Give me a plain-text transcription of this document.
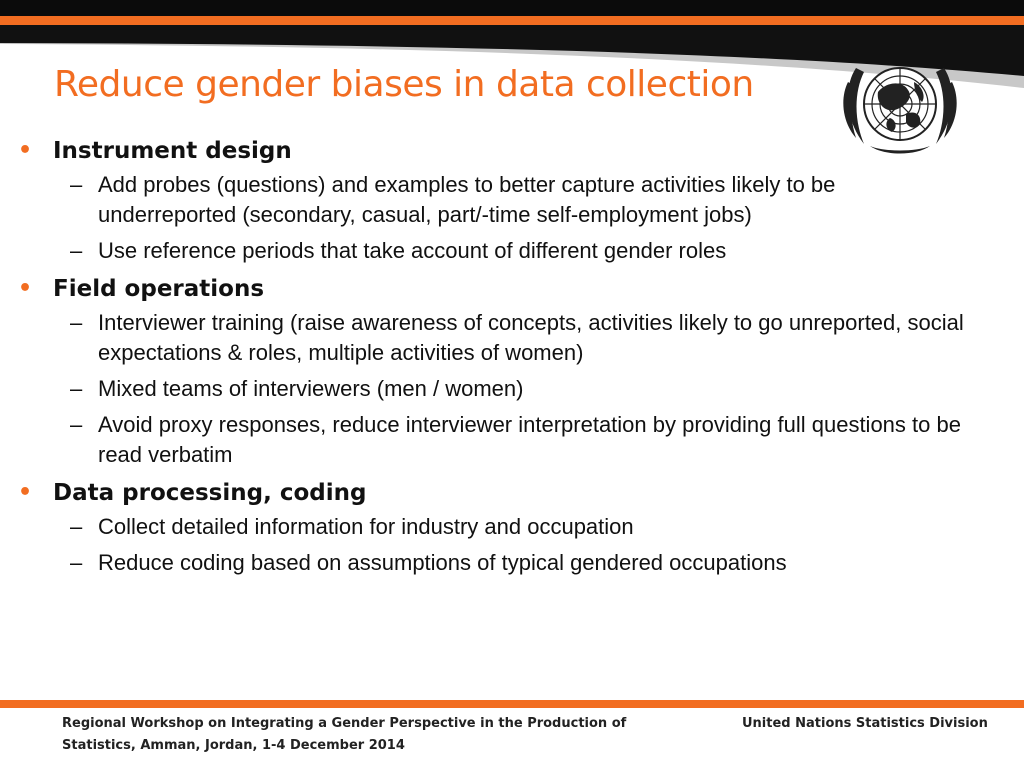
Reduce gender biases in data collection
• Instrument design
– Add probes (questions) and examples to better capture activities likely to be underreported (secondary, casual, part/-time self-employment jobs)
– Use reference periods that take account of different gender roles
• Field operations
– Interviewer training (raise awareness of concepts, activities likely to go unreported, social expectations & roles, multiple activities of women)
– Mixed teams of interviewers (men / women)
– Avoid proxy responses, reduce interviewer interpretation by providing full questions to be read verbatim
• Data processing, coding
– Collect detailed information for industry and occupation
– Reduce coding based on assumptions of typical gendered occupations
Regional Workshop on Integrating a Gender Perspective in the Production of Statistics, Amman, Jordan, 1-4 December 2014
United Nations Statistics Division
